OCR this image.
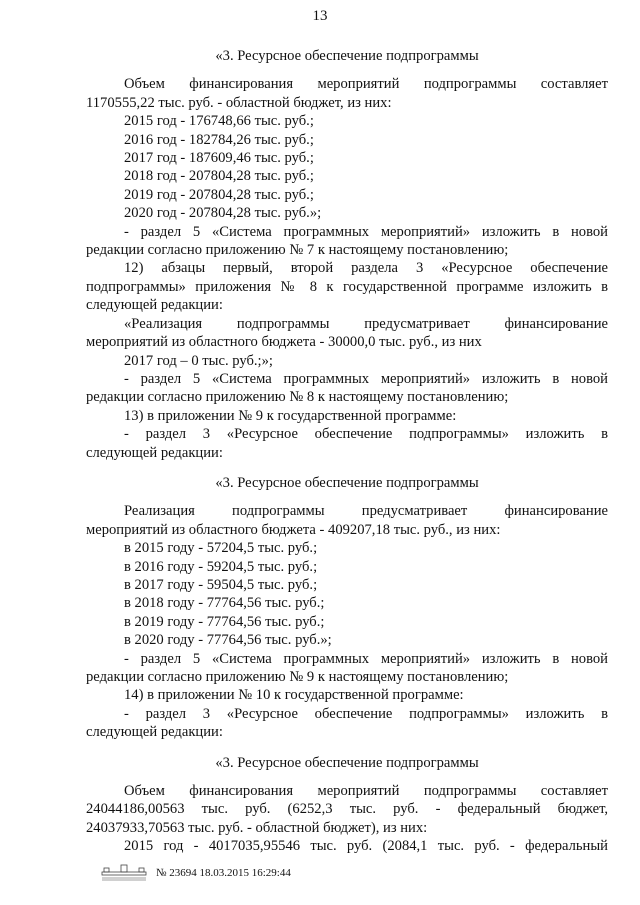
13

«3. Ресурсное обеспечение подпрограммы

Объем финансирования мероприятий подпрограммы составляет

1170555,22 тыс. руб. - областной бюджет, из них:

2015 год - 176748,66 тыс. руб.;

2016 год - 182784,26 тыс. руб.;

2017 год - 187609,46 тыс. руб.;

2018 год - 207804,28 тыс. руб.;

2019 год - 207804,28 тыс. руб.;

2020 год - 207804,28 тыс. руб.»;

- раздел 5 «Система программных мероприятий» изложить в новой

редакции согласно приложению № 7 к настоящему постановлению;

12) абзацы первый, второй раздела 3 «Ресурсное обеспечение

подпрограммы» приложения № 8 к государственной программе изложить в

следующей редакции:

«Реализация подпрограммы предусматривает финансирование

мероприятий из областного бюджета - 30000,0 тыс. руб., из них

2017 год – 0 тыс. руб.;»;

- раздел 5 «Система программных мероприятий» изложить в новой

редакции согласно приложению № 8 к настоящему постановлению;

13) в приложении № 9 к государственной программе:

- раздел 3 «Ресурсное обеспечение подпрограммы» изложить в

следующей редакции:

«3. Ресурсное обеспечение подпрограммы

Реализация подпрограммы предусматривает финансирование

мероприятий из областного бюджета - 409207,18 тыс. руб., из них:

в 2015 году - 57204,5 тыс. руб.;

в 2016 году - 59204,5 тыс. руб.;

в 2017 году - 59504,5 тыс. руб.;

в 2018 году - 77764,56 тыс. руб.;

в 2019 году - 77764,56 тыс. руб.;

в 2020 году - 77764,56 тыс. руб.»;

- раздел 5 «Система программных мероприятий» изложить в новой

редакции согласно приложению № 9 к настоящему постановлению;

14) в приложении № 10 к государственной программе:

- раздел 3 «Ресурсное обеспечение подпрограммы» изложить в

следующей редакции:

«3. Ресурсное обеспечение подпрограммы

Объем финансирования мероприятий подпрограммы составляет

24044186,00563 тыс. руб. (6252,3 тыс. руб. - федеральный бюджет,

24037933,70563 тыс. руб. - областной бюджет), из них:

2015 год - 4017035,95546 тыс. руб. (2084,1 тыс. руб. - федеральный

№ 23694 18.03.2015 16:29:44
